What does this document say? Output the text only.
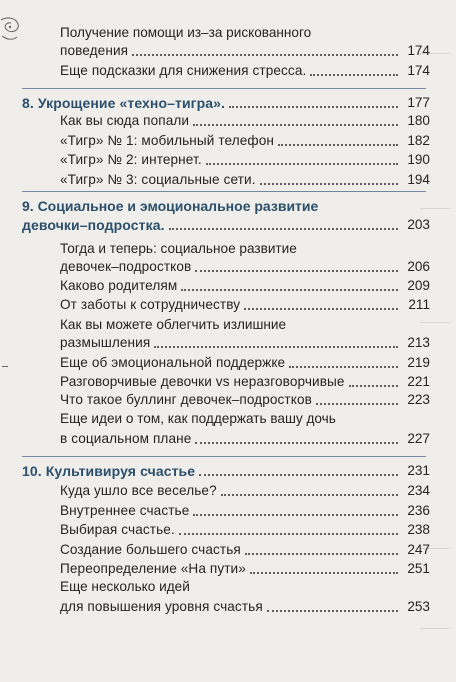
Получение помощи из–за рискованного
поведения	174
Еще подсказки для снижения стресса.	174
8. Укрощение «техно–тигра».	177
Как вы сюда попали	180
«Тигр» № 1: мобильный телефон	182
«Тигр» № 2: интернет.	190
«Тигр» № 3: социальные сети.	194
9. Социальное и эмоциональное развитие
девочки–подростка.	203
Тогда и теперь: социальное развитие
девочек–подростков	206
Каково родителям	209
От заботы к сотрудничеству	211
Как вы можете облегчить излишние
размышления	213
Еще об эмоциональной поддержке	219
Разговорчивые девочки vs неразговорчивые	221
Что такое буллинг девочек–подростков	223
Еще идеи о том, как поддержать вашу дочь
в социальном плане	227
10. Культивируя счастье	231
Куда ушло все веселье?	234
Внутреннее счастье	236
Выбирая счастье.	238
Создание большего счастья	247
Переопределение «На пути»	251
Еще несколько идей
для повышения уровня счастья	253
